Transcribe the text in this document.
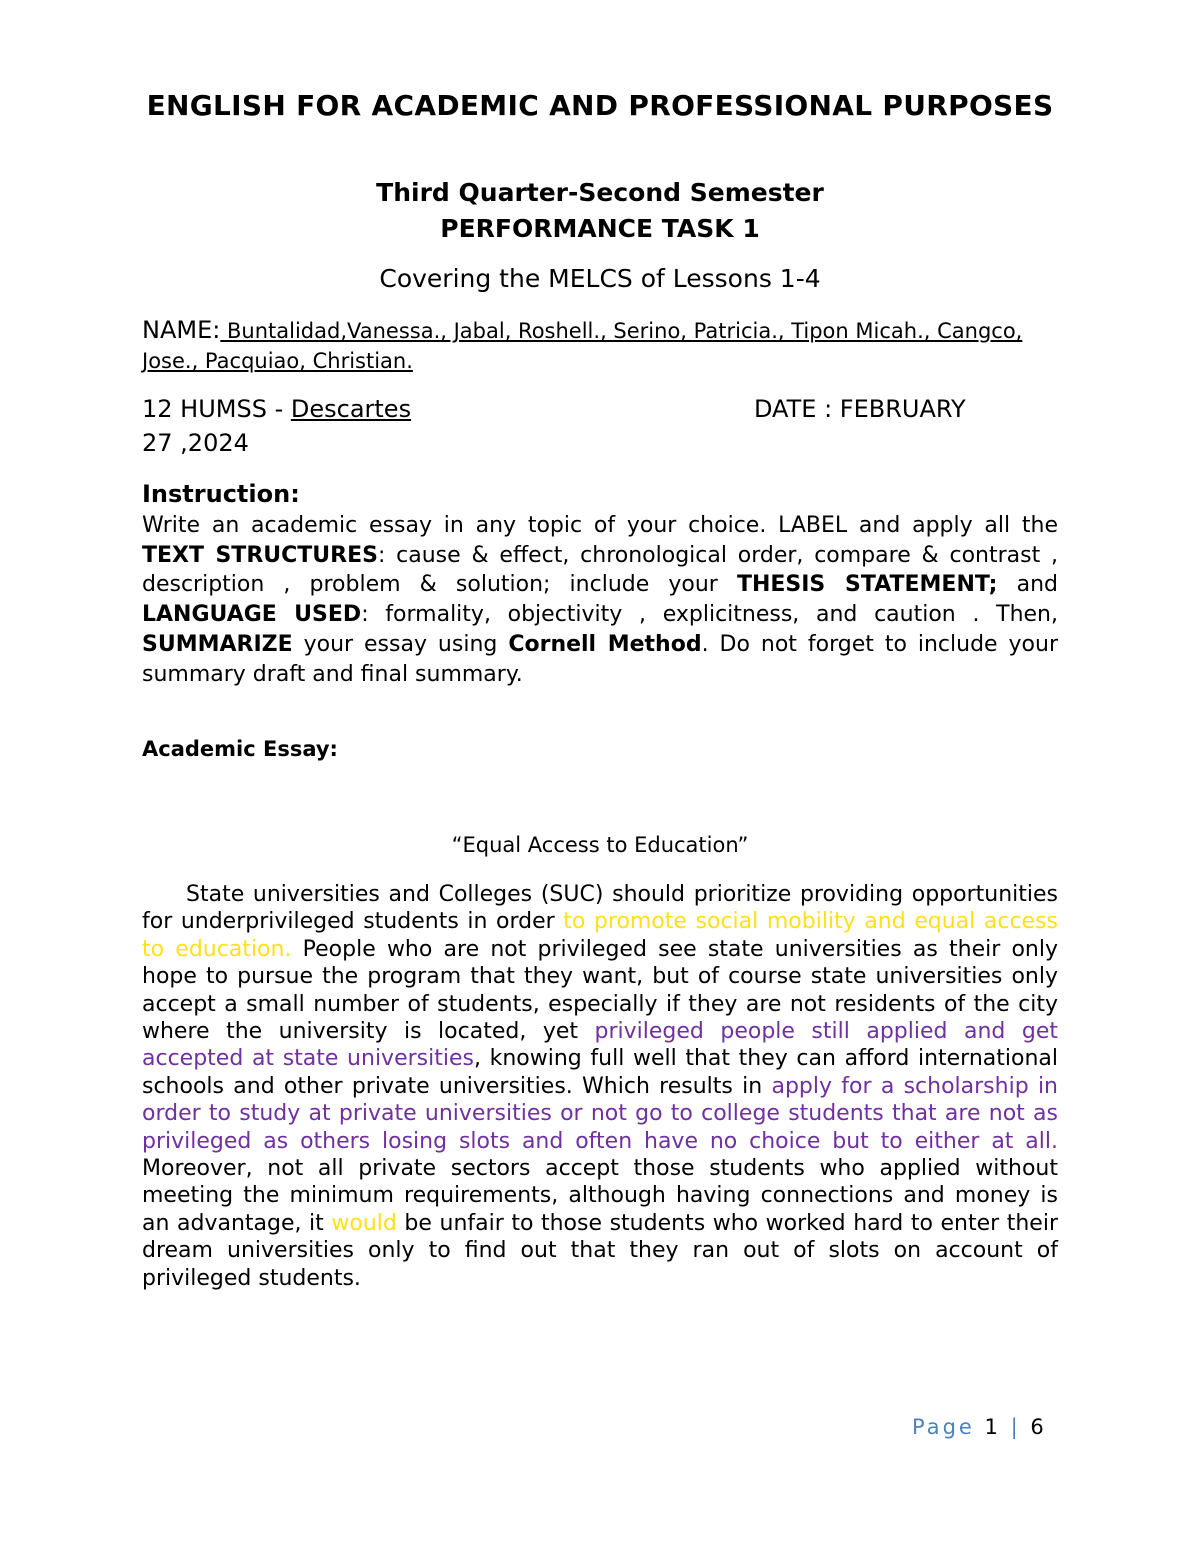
ENGLISH FOR ACADEMIC AND PROFESSIONAL PURPOSES
Third Quarter-Second Semester
PERFORMANCE TASK 1
Covering the MELCS of Lessons 1-4
NAME: Buntalidad,Vanessa., Jabal, Roshell., Serino, Patricia., Tipon Micah., Cangco, Jose., Pacquiao, Christian.
12 HUMSS - Descartes	DATE : FEBRUARY
27 ,2024
Instruction:
Write an academic essay in any topic of your choice. LABEL and apply all the TEXT STRUCTURES: cause & effect, chronological order, compare & contrast , description , problem & solution; include your THESIS STATEMENT; and LANGUAGE USED: formality, objectivity , explicitness, and caution . Then, SUMMARIZE your essay using Cornell Method. Do not forget to include your summary draft and final summary.
Academic Essay:
“Equal Access to Education”
State universities and Colleges (SUC) should prioritize providing opportunities for underprivileged students in order to promote social mobility and equal access to education. People who are not privileged see state universities as their only hope to pursue the program that they want, but of course state universities only accept a small number of students, especially if they are not residents of the city where the university is located, yet privileged people still applied and get accepted at state universities, knowing full well that they can afford international schools and other private universities. Which results in apply for a scholarship in order to study at private universities or not go to college students that are not as privileged as others losing slots and often have no choice but to either at all. Moreover, not all private sectors accept those students who applied without meeting the minimum requirements, although having connections and money is an advantage, it would be unfair to those students who worked hard to enter their dream universities only to find out that they ran out of slots on account of privileged students.
Page 1 | 6
